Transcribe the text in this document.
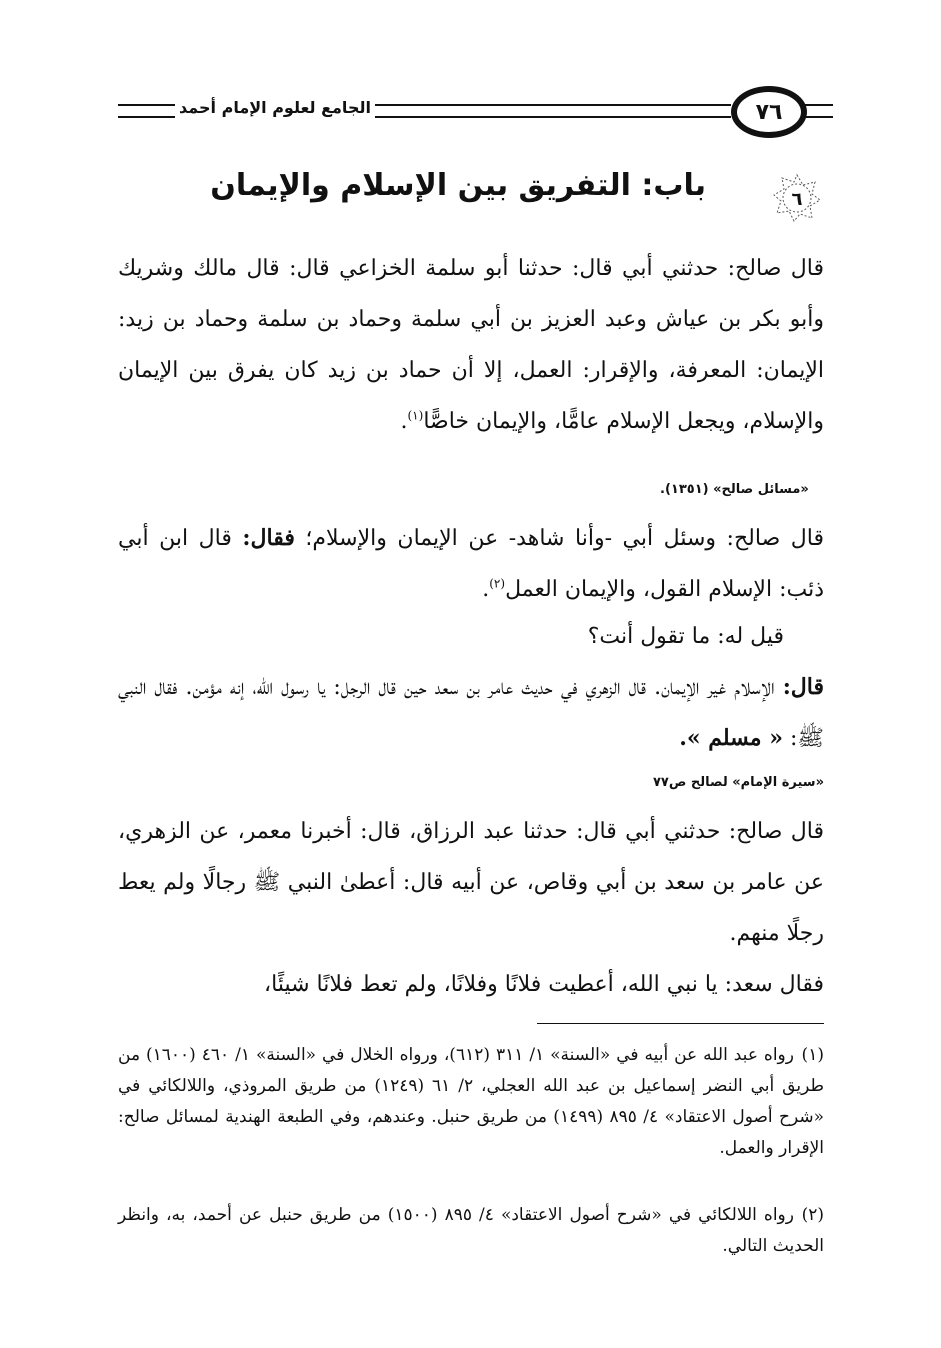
الجامع لعلوم الإمام أحمد	٧٦
٦
باب: التفريق بين الإسلام والإيمان
قال صالح: حدثني أبي قال: حدثنا أبو سلمة الخزاعي قال: قال مالك وشريك وأبو بكر بن عياش وعبد العزيز بن أبي سلمة وحماد بن سلمة وحماد بن زيد: الإيمان: المعرفة، والإقرار: العمل، إلا أن حماد بن زيد كان يفرق بين الإيمان والإسلام، ويجعل الإسلام عامًّا، والإيمان خاصًّا$^{(١)}$.
«مسائل صالح» (١٣٥١).
قال صالح: وسئل أبي -وأنا شاهد- عن الإيمان والإسلام؛ فقال: قال ابن أبي ذئب: الإسلام القول، والإيمان العمل$^{(٢)}$.
قيل له: ما تقول أنت؟
قال: الإسلام غير الإيمان. قال الزهري في حديث عامر بن سعد حين قال الرجل: يا رسول الله، إنه مؤمن. فقال النبي ﷺ: « مسلم ».
«سيرة الإمام» لصالح ص٧٧
قال صالح: حدثني أبي قال: حدثنا عبد الرزاق، قال: أخبرنا معمر، عن الزهري، عن عامر بن سعد بن أبي وقاص، عن أبيه قال: أعطىٰ النبي ﷺ رجالًا ولم يعط رجلًا منهم.
فقال سعد: يا نبي الله، أعطيت فلانًا وفلانًا، ولم تعط فلانًا شيئًا،
(١)رواه عبد الله عن أبيه في «السنة» ١/ ٣١١ (٦١٢)، ورواه الخلال في «السنة» ١/ ٤٦٠ (١٦٠٠) من طريق أبي النضر إسماعيل بن عبد الله العجلي، ٢/ ٦١ (١٢٤٩) من طريق المروذي، واللالكائي في «شرح أصول الاعتقاد» ٤/ ٨٩٥ (١٤٩٩) من طريق حنبل. وعندهم، وفي الطبعة الهندية لمسائل صالح: الإقرار والعمل.
(٢)رواه اللالكائي في «شرح أصول الاعتقاد» ٤/ ٨٩٥ (١٥٠٠) من طريق حنبل عن أحمد، به، وانظر الحديث التالي.
